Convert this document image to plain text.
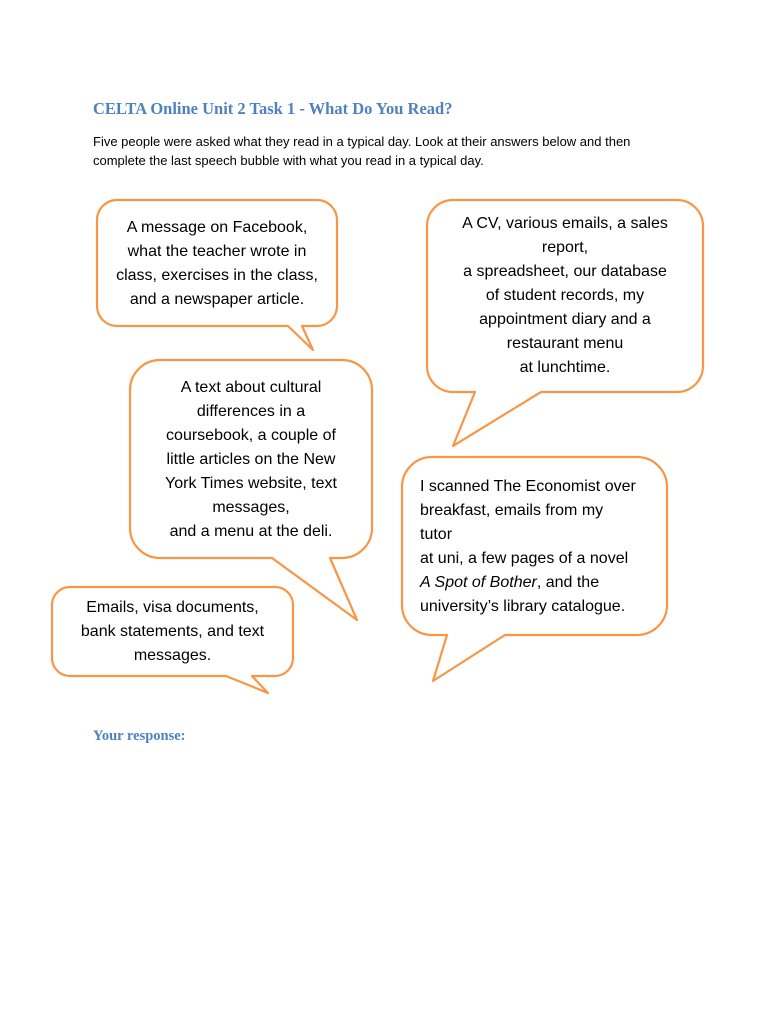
CELTA Online Unit 2 Task 1 - What Do You Read?
Five people were asked what they read in a typical day. Look at their answers below and then
complete the last speech bubble with what you read in a typical day.
A message on Facebook,
what the teacher wrote in
class, exercises in the class,
and a newspaper article.
A CV, various emails, a sales
report,
a spreadsheet, our database
of student records, my
appointment diary and a
restaurant menu
at lunchtime.
A text about cultural
differences in a
coursebook, a couple of
little articles on the New
York Times website, text
messages,
and a menu at the deli.
I scanned The Economist over
breakfast, emails from my
tutor
at uni, a few pages of a novel
A Spot of Bother, and the
university’s library catalogue.
Emails, visa documents,
bank statements, and text
messages.
Your response:
